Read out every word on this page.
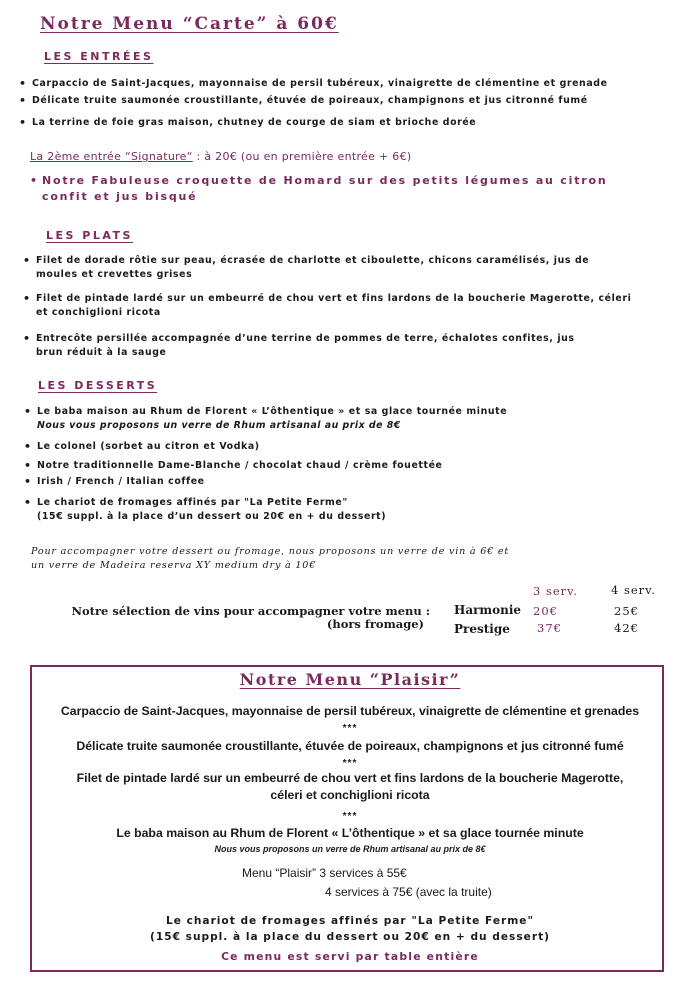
Notre Menu “Carte” à 60€
LES ENTRÉES
• Carpaccio de Saint-Jacques, mayonnaise de persil tubéreux, vinaigrette de clémentine et grenade
• Délicate truite saumonée croustillante, étuvée de poireaux, champignons et jus citronné fumé
• La terrine de foie gras maison, chutney de courge de siam et brioche dorée
La 2ème entrée “Signature“ : à 20€ (ou en première entrée + 6€)
• Notre Fabuleuse croquette de Homard sur des petits légumes au citron confit et jus bisqué
LES PLATS
• Filet de dorade rôtie sur peau, écrasée de charlotte et ciboulette, chicons caramélisés, jus de moules et crevettes grises
• Filet de pintade lardé sur un embeurré de chou vert et fins lardons de la boucherie Magerotte, céleri et conchiglioni ricota
• Entrecôte persillée accompagnée d’une terrine de pommes de terre, échalotes confites, jus brun réduit à la sauge
LES DESSERTS
• Le baba maison au Rhum de Florent « L’ôthentique » et sa glace tournée minute
Nous vous proposons un verre de Rhum artisanal au prix de 8€
• Le colonel (sorbet au citron et Vodka)
• Notre traditionnelle Dame-Blanche / chocolat chaud / crème fouettée
• Irish / French / Italian coffee
• Le chariot de fromages affinés par "La Petite Ferme"
(15€ suppl. à la place d’un dessert ou 20€ en + du dessert)
Pour accompagner votre dessert ou fromage, nous proposons un verre de vin à 6€ et
un verre de Madeira reserva XY medium dry à 10€
3 serv.	4 serv.
Notre sélection de vins pour accompagner votre menu :
(hors fromage)
Harmonie 20€	25€
Prestige 37€	42€
Notre Menu “Plaisir”
Carpaccio de Saint-Jacques, mayonnaise de persil tubéreux, vinaigrette de clémentine et grenades
***
Délicate truite saumonée croustillante, étuvée de poireaux, champignons et jus citronné fumé
***
Filet de pintade lardé sur un embeurré de chou vert et fins lardons de la boucherie Magerotte,
céleri et conchiglioni ricota
***
Le baba maison au Rhum de Florent « L’ôthentique » et sa glace tournée minute
Nous vous proposons un verre de Rhum artisanal au prix de 8€
Menu “Plaisir” 3 services à 55€
4 services à 75€ (avec la truite)
Le chariot de fromages affinés par "La Petite Ferme"
(15€ suppl. à la place du dessert ou 20€ en + du dessert)
Ce menu est servi par table entière
